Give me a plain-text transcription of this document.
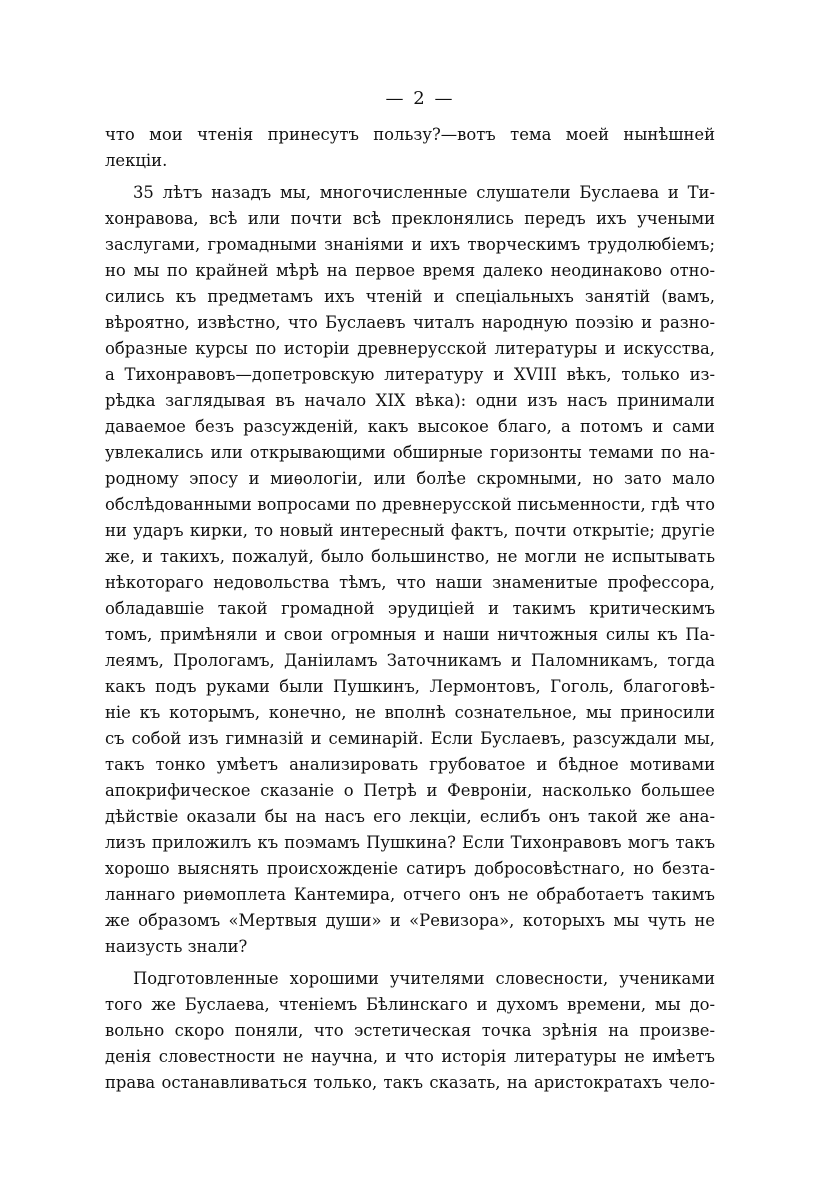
— 2 —
что мои чтенія принесутъ пользу?—вотъ тема моей нынѣшней
лекціи.
35 лѣтъ назадъ мы, многочисленные слушатели Буслаева и Ти-
хонравова, всѣ или почти всѣ преклонялись передъ ихъ учеными
заслугами, громадными знаніями и ихъ творческимъ трудолюбіемъ;
но мы по крайней мѣрѣ на первое время далеко неодинаково отно-
сились къ предметамъ ихъ чтеній и спеціальныхъ занятій (вамъ,
вѣроятно, извѣстно, что Буслаевъ читалъ народную поэзію и разно-
образные курсы по исторіи древнерусской литературы и искусства,
а Тихонравовъ—допетровскую литературу и XVIII вѣкъ, только из-
рѣдка заглядывая въ начало XIX вѣка): одни изъ насъ принимали
даваемое безъ разсужденій, какъ высокое благо, а потомъ и сами
увлекались или открывающими обширные горизонты темами по на-
родному эпосу и миѳологіи, или болѣе скромными, но зато мало
обслѣдованными вопросами по древнерусской письменности, гдѣ что
ни ударъ кирки, то новый интересный фактъ, почти открытіе; другіе
же, и такихъ, пожалуй, было большинство, не могли не испытывать
нѣкотораго недовольства тѣмъ, что наши знаменитые профессора,
обладавшіе такой громадной эрудиціей и такимъ критическимъ
томъ, примѣняли и свои огромныя и наши ничтожныя силы къ Па-
леямъ, Прологамъ, Даніиламъ Заточникамъ и Паломникамъ, тогда
какъ подъ руками были Пушкинъ, Лермонтовъ, Гоголь, благоговѣ-
ніе къ которымъ, конечно, не вполнѣ сознательное, мы приносили
съ собой изъ гимназій и семинарій. Если Буслаевъ, разсуждали мы,
такъ тонко умѣетъ анализировать грубоватое и бѣдное мотивами
апокрифическое сказаніе о Петрѣ и Февроніи, насколько большее
дѣйствіе оказали бы на насъ его лекціи, еслибъ онъ такой же ана-
лизъ приложилъ къ поэмамъ Пушкина? Если Тихонравовъ могъ такъ
хорошо выяснять происхожденіе сатиръ добросовѣстнаго, но безта-
ланнаго риѳмоплета Кантемира, отчего онъ не обработаетъ такимъ
же образомъ «Мертвыя души» и «Ревизора», которыхъ мы чуть не
наизусть знали?
Подготовленные хорошими учителями словесности, учениками
того же Буслаева, чтеніемъ Бѣлинскаго и духомъ времени, мы до-
вольно скоро поняли, что эстетическая точка зрѣнія на произве-
денія словестности не научна, и что исторія литературы не имѣетъ
права останавливаться только, такъ сказать, на аристократахъ чело-
